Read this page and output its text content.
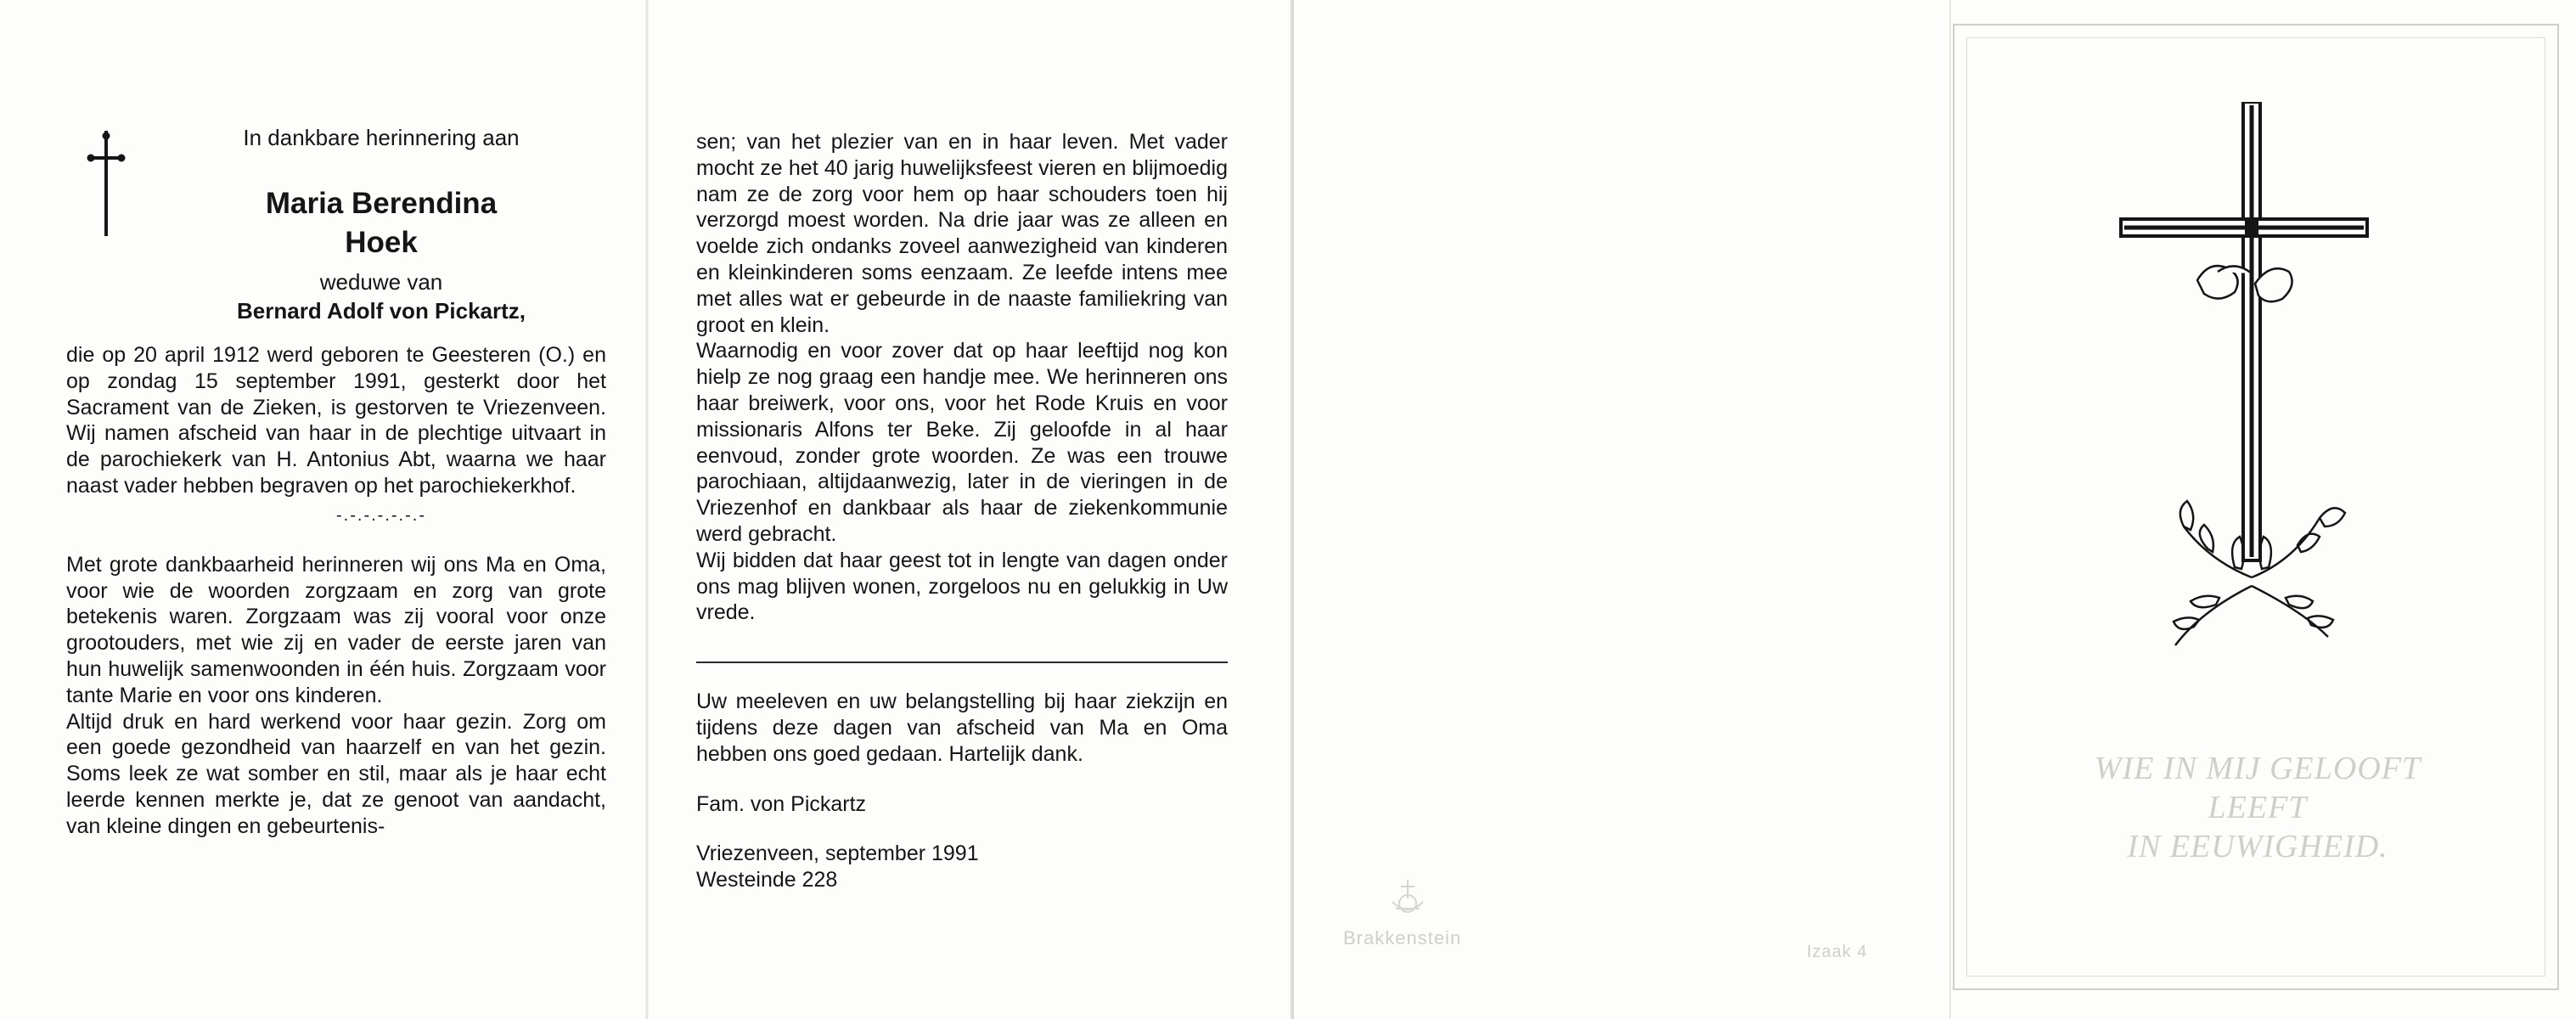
In dankbare herinnering aan
Maria Berendina
Hoek
weduwe van
Bernard Adolf von Pickartz,

die op 20 april 1912 werd geboren te Geesteren (O.) en op zondag 15 september 1991, gesterkt door het Sacrament van de Zieken, is gestorven te Vriezenveen. Wij namen afscheid van haar in de plechtige uitvaart in de parochiekerk van H. Antonius Abt, waarna we haar naast vader hebben begraven op het parochiekerkhof.

-.-.-.-.-.-.-

Met grote dankbaarheid herinneren wij ons Ma en Oma, voor wie de woorden zorgzaam en zorg van grote betekenis waren. Zorgzaam was zij vooral voor onze grootouders, met wie zij en vader de eerste jaren van hun huwelijk samenwoonden in één huis. Zorgzaam voor tante Marie en voor ons kinderen.

Altijd druk en hard werkend voor haar gezin. Zorg om een goede gezondheid van haarzelf en van het gezin. Soms leek ze wat somber en stil, maar als je haar echt leerde kennen merkte je, dat ze genoot van aandacht, van kleine dingen en gebeurtenis-

sen; van het plezier van en in haar leven. Met vader mocht ze het 40 jarig huwelijksfeest vieren en blijmoedig nam ze de zorg voor hem op haar schouders toen hij verzorgd moest worden. Na drie jaar was ze alleen en voelde zich ondanks zoveel aanwezigheid van kinderen en kleinkinderen soms eenzaam. Ze leefde intens mee met alles wat er gebeurde in de naaste familiekring van groot en klein.

Waarnodig en voor zover dat op haar leeftijd nog kon hielp ze nog graag een handje mee. We herinneren ons haar breiwerk, voor ons, voor het Rode Kruis en voor missionaris Alfons ter Beke. Zij geloofde in al haar eenvoud, zonder grote woorden. Ze was een trouwe parochiaan, altijdaanwezig, later in de vieringen in de Vriezenhof en dankbaar als haar de ziekenkommunie werd gebracht.

Wij bidden dat haar geest tot in lengte van dagen onder ons mag blijven wonen, zorgeloos nu en gelukkig in Uw vrede.

Uw meeleven en uw belangstelling bij haar ziekzijn en tijdens deze dagen van afscheid van Ma en Oma hebben ons goed gedaan. Hartelijk dank.

Fam. von Pickartz

Vriezenveen, september 1991

Westeinde 228

Brakkenstein
Izaak 4
WIE IN MIJ GELOOFT
LEEFT
IN EEUWIGHEID.
